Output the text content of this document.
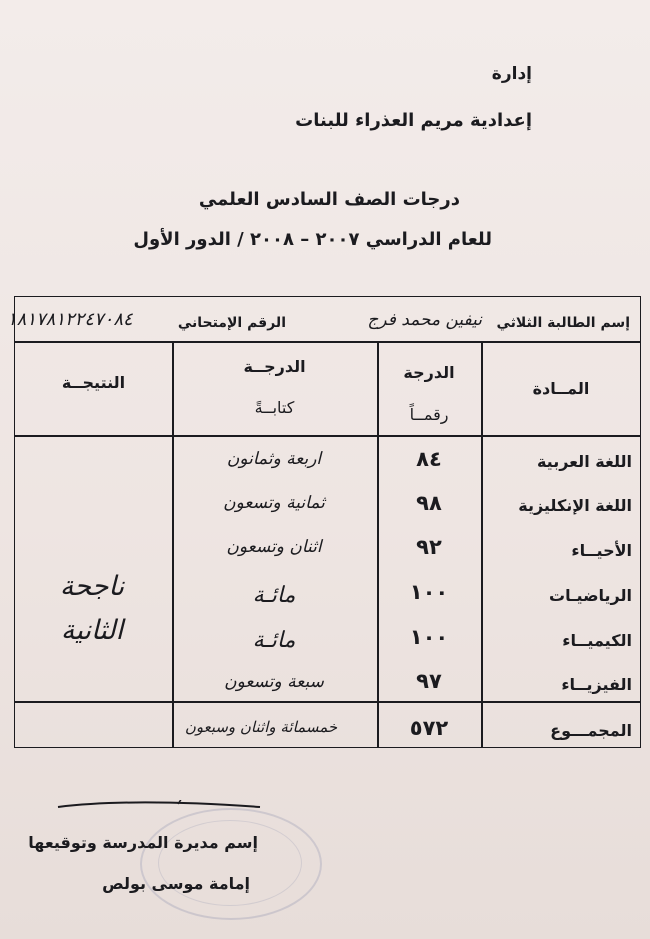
إدارة
إعدادية مريم العذراء للبنات
درجات الصف السادس العلمي
للعام الدراسي ٢٠٠٧ – ٢٠٠٨ / الدور الأول
إسم الطالبة الثلاثي
نيفين محمد فرج
الرقم الإمتحاني
١٨١٧٨١٢٢٤٧٠٨٤
المــادة
الدرجة
رقمــاً
الدرجــة
كتابــةً
النتيجــة
اللغة العربية
٨٤
اربعة وثمانون
اللغة الإنكليزية
٩٨
ثمانية وتسعون
الأحيــاء
٩٢
اثنان وتسعون
الرياضيـات
١٠٠
مائـة
الكيميــاء
١٠٠
مائـة
الفيزيــاء
٩٧
سبعة وتسعون
ناجحة
الثانية
المجمـــوع
٥٧٢
خمسمائة واثنان وسبعون
إسم مديرة المدرسة وتوقيعها
إمامة موسى بولص
